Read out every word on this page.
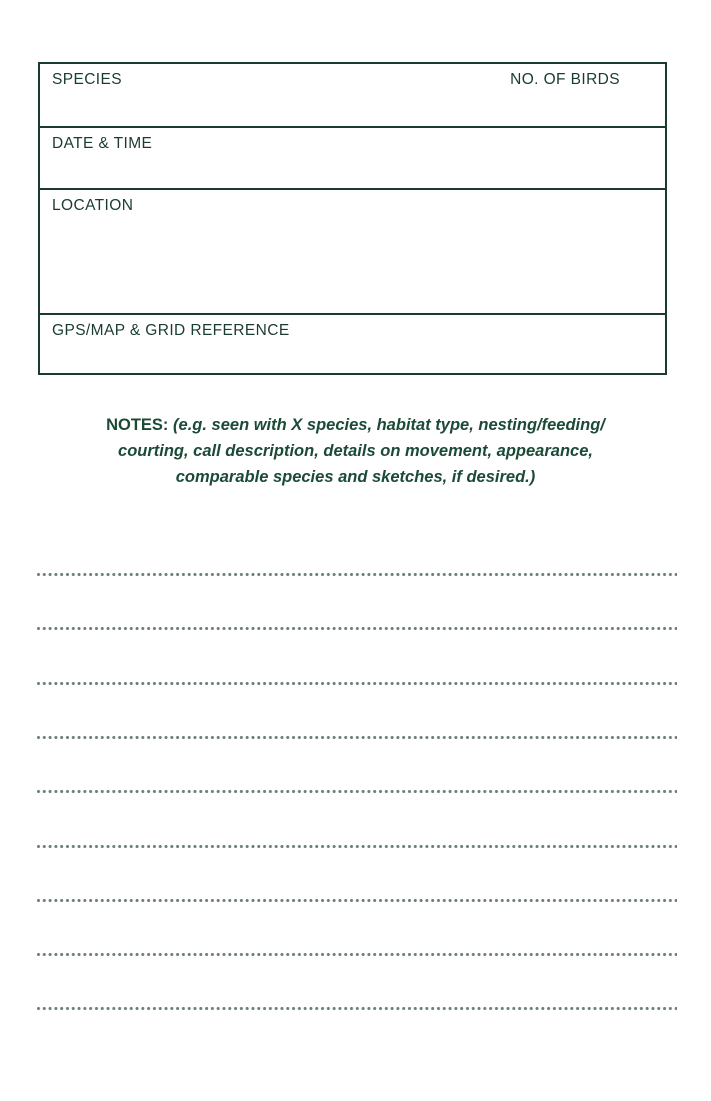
SPECIES	NO. OF BIRDS
DATE & TIME
LOCATION
GPS/MAP & GRID REFERENCE
NOTES: (e.g. seen with X species, habitat type, nesting/feeding/
courting, call description, details on movement, appearance,
comparable species and sketches, if desired.)
